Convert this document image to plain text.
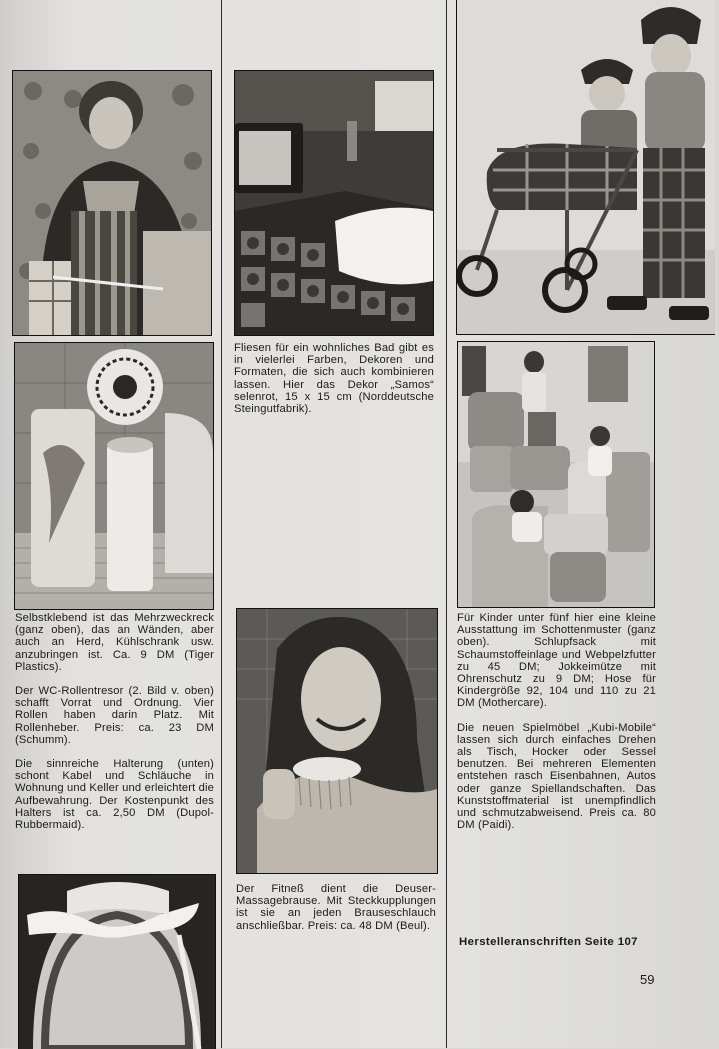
Fliesen für ein wohnliches Bad gibt es in vielerlei Farben, Dekoren und Formaten, die sich auch kombinieren lassen. Hier das Dekor „Samos“ selenrot, 15 x 15 cm (Norddeutsche Steingutfabrik).

Selbstklebend ist das Mehrzweckreck (ganz oben), das an Wänden, aber auch an Herd, Kühlschrank usw. anzubringen ist. Ca. 9 DM (Tiger Plastics).

Der WC-Rollentresor (2. Bild v. oben) schafft Vorrat und Ordnung. Vier Rollen haben darin Platz. Mit Rollenheber. Preis: ca. 23 DM (Schumm).

Die sinnreiche Halterung (unten) schont Kabel und Schläuche in Wohnung und Keller und erleichtert die Aufbewahrung. Der Kostenpunkt des Halters ist ca. 2,50 DM (Dupol-Rubbermaid).

Der Fitneß dient die Deuser-Massagebrause. Mit Steckkupplungen ist sie an jeden Brauseschlauch anschließbar. Preis: ca. 48 DM (Beul).

Für Kinder unter fünf hier eine kleine Ausstattung im Schottenmuster (ganz oben). Schlupfsack mit Schaumstoffeinlage und Webpelzfutter zu 45 DM; Jokkeimütze mit Ohrenschutz zu 9 DM; Hose für Kindergröße 92, 104 und 110 zu 21 DM (Mothercare).

Die neuen Spielmöbel „Kubi-Mobile“ lassen sich durch einfaches Drehen als Tisch, Hocker oder Sessel benutzen. Bei mehreren Elementen entstehen rasch Eisenbahnen, Autos oder ganze Spiellandschaften. Das Kunststoffmaterial ist unempfindlich und schmutzabweisend. Preis ca. 80 DM (Paidi).

Herstelleranschriften Seite 107
59
